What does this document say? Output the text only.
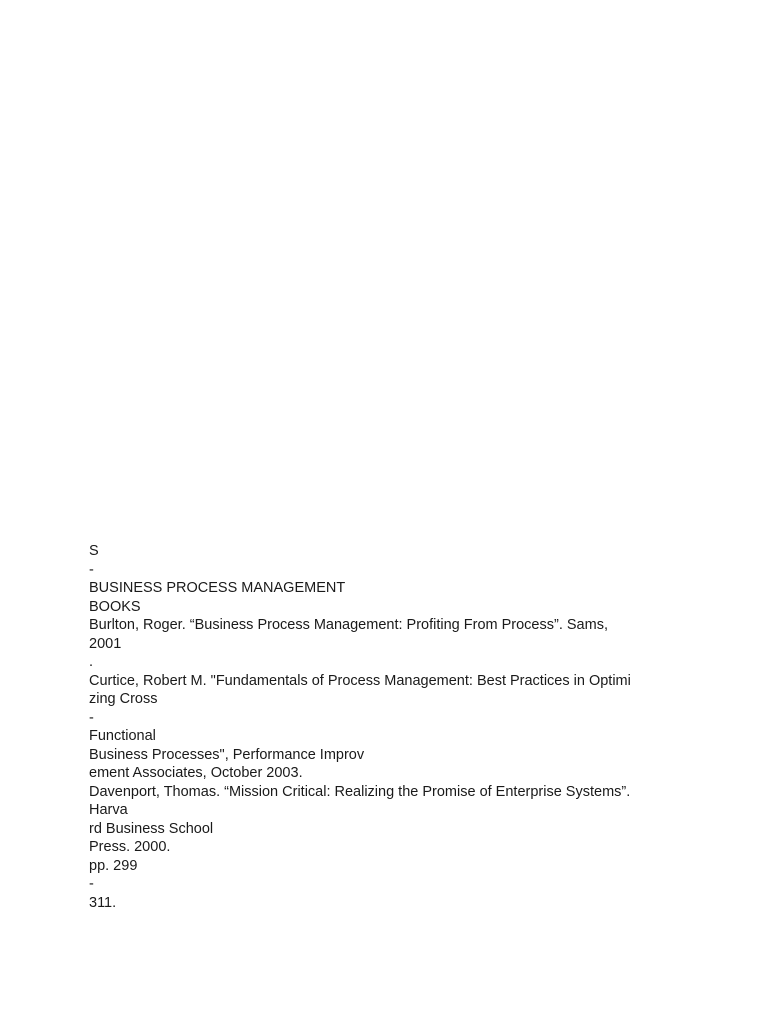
S
-
BUSINESS PROCESS MANAGEMENT
BOOKS
Burlton, Roger. “Business Process Management: Profiting From Process”. Sams,
2001
.
Curtice, Robert M. "Fundamentals of Process Management: Best Practices in Optimi
zing Cross
-
Functional
Business Processes", Performance Improv
ement Associates, October 2003.
Davenport, Thomas. “Mission Critical: Realizing the Promise of Enterprise Systems”.
Harva
rd Business School
Press. 2000.
pp. 299
-
311.
